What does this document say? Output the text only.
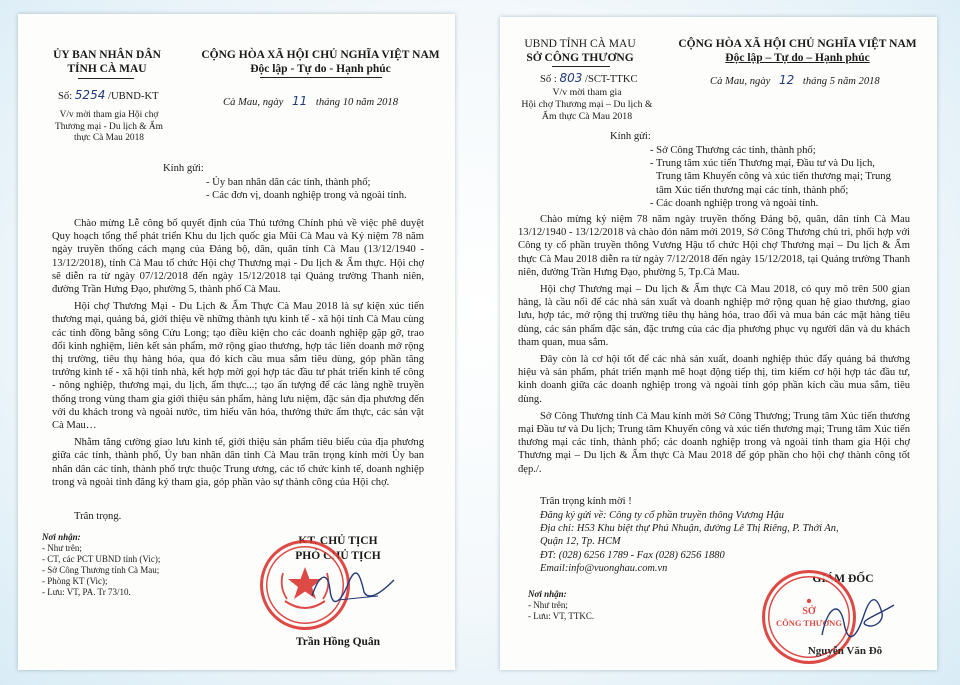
ỦY BAN NHÂN DÂN
TỈNH CÀ MAU
CỘNG HÒA XÃ HỘI CHỦ NGHĨA VIỆT NAM
Độc lập - Tự do - Hạnh phúc
Số: 5254 /UBND-KT
Cà Mau, ngày 11 tháng 10 năm 2018
V/v mời tham gia Hội chợ
Thương mại - Du lịch & Ẩm
thực Cà Mau 2018
Kính gửi:
- Ủy ban nhân dân các tỉnh, thành phố;
- Các đơn vị, doanh nghiệp trong và ngoài tỉnh.

Chào mừng Lễ công bố quyết định của Thủ tướng Chính phủ về việc phê duyệt Quy hoạch tổng thể phát triển Khu du lịch quốc gia Mũi Cà Mau và Kỷ niệm 78 năm ngày truyền thống cách mạng của Đảng bộ, dân, quân tỉnh Cà Mau (13/12/1940 - 13/12/2018), tỉnh Cà Mau tổ chức Hội chợ Thương mại - Du lịch & Ẩm thực. Hội chợ sẽ diễn ra từ ngày 07/12/2018 đến ngày 15/12/2018 tại Quảng trường Thanh niên, đường Trần Hưng Đạo, phường 5, thành phố Cà Mau.

Hội chợ Thương Mại - Du Lịch & Ẩm Thực Cà Mau 2018 là sự kiện xúc tiến thương mại, quảng bá, giới thiệu về những thành tựu kinh tế - xã hội tỉnh Cà Mau cùng các tỉnh đồng bằng sông Cửu Long; tạo điều kiện cho các doanh nghiệp gặp gỡ, trao đổi kinh nghiệm, liên kết sản phẩm, mở rộng giao thương, hợp tác liên doanh mở rộng thị trường, tiêu thụ hàng hóa, qua đó kích cầu mua sắm tiêu dùng, góp phần tăng trưởng kinh tế - xã hội tỉnh nhà, kết hợp mời gọi hợp tác đầu tư phát triển kinh tế công - nông nghiệp, thương mại, du lịch, ẩm thực...; tạo ấn tượng để các làng nghề truyền thống trong vùng tham gia giới thiệu sản phẩm, hàng lưu niệm, đặc sản địa phương đến với du khách trong và ngoài nước, tìm hiểu văn hóa, thưởng thức ẩm thực, các sản vật Cà Mau…

Nhằm tăng cường giao lưu kinh tế, giới thiệu sản phẩm tiêu biểu của địa phương giữa các tỉnh, thành phố, Ủy ban nhân dân tỉnh Cà Mau trân trọng kính mời Ủy ban nhân dân các tỉnh, thành phố trực thuộc Trung ương, các tổ chức kinh tế, doanh nghiệp trong và ngoài tỉnh đăng ký tham gia, góp phần vào sự thành công của Hội chợ.

Trân trọng.
Nơi nhận:
- Như trên;
- CT, các PCT UBND tỉnh (Vic);
- Sở Công Thương tỉnh Cà Mau;
- Phòng KT (Vic);
- Lưu: VT, PA. Tr 73/10.
KT. CHỦ TỊCH
PHÓ CHỦ TỊCH
Trần Hồng Quân
UBND TỈNH CÀ MAU
SỞ CÔNG THƯƠNG
CỘNG HÒA XÃ HỘI CHỦ NGHĨA VIỆT NAM
Độc lập – Tự do – Hạnh phúc
Số : 803 /SCT-TTKC	Cà Mau, ngày 12 tháng 5 năm 2018
V/v mời tham gia
Hội chợ Thương mại – Du lịch &
Ẩm thực Cà Mau 2018
Kính gửi:
- Sở Công Thương các tỉnh, thành phố;
- Trung tâm xúc tiến Thương mại, Đầu tư và Du lịch,
Trung tâm Khuyến công và xúc tiến thương mại; Trung
tâm Xúc tiến thương mại các tỉnh, thành phố;
- Các doanh nghiệp trong và ngoài tỉnh.

Chào mừng kỷ niệm 78 năm ngày truyền thống Đảng bộ, quân, dân tỉnh Cà Mau 13/12/1940 - 13/12/2018 và chào đón năm mới 2019, Sở Công Thương chủ trì, phối hợp với Công ty cổ phần truyền thông Vương Hậu tổ chức Hội chợ Thương mại – Du lịch & Ẩm thực Cà Mau 2018 diễn ra từ ngày 7/12/2018 đến ngày 15/12/2018, tại Quảng trường Thanh niên, đường Trần Hưng Đạo, phường 5, Tp.Cà Mau.

Hội chợ Thương mại – Du lịch & Ẩm thực Cà Mau 2018, có quy mô trên 500 gian hàng, là cầu nối để các nhà sản xuất và doanh nghiệp mở rộng quan hệ giao thương, giao lưu, hợp tác, mở rộng thị trường tiêu thụ hàng hóa, trao đổi và mua bán các mặt hàng tiêu dùng, các sản phẩm đặc sản, đặc trưng của các địa phương phục vụ người dân và du khách tham quan, mua sắm.

Đây còn là cơ hội tốt để các nhà sản xuất, doanh nghiệp thúc đẩy quảng bá thương hiệu và sản phẩm, phát triển mạnh mẽ hoạt động tiếp thị, tìm kiếm cơ hội hợp tác đầu tư, kinh doanh giữa các doanh nghiệp trong và ngoài tỉnh góp phần kích cầu mua sắm, tiêu dùng.

Sở Công Thương tỉnh Cà Mau kính mời Sở Công Thương; Trung tâm Xúc tiến thương mại Đầu tư và Du lịch; Trung tâm Khuyến công và xúc tiến thương mại; Trung tâm Xúc tiến thương mại các tỉnh, thành phố; các doanh nghiệp trong và ngoài tỉnh tham gia Hội chợ Thương mại – Du lịch & Ẩm thực Cà Mau 2018 để góp phần cho hội chợ thành công tốt đẹp./.

Trân trọng kính mời !
Đăng ký gửi về: Công ty cổ phần truyền thông Vương Hậu
Địa chỉ: H53 Khu biệt thự Phú Nhuận, đường Lê Thị Riêng, P. Thới An,
Quận 12, Tp. HCM
ĐT: (028) 6256 1789 - Fax (028) 6256 1880
Email:info@vuonghau.com.vn
Nơi nhận:
- Như trên;
- Lưu: VT, TTKC.
GIÁM ĐỐC
SỞ
CÔNG THƯƠNG
Nguyễn Văn Đô
